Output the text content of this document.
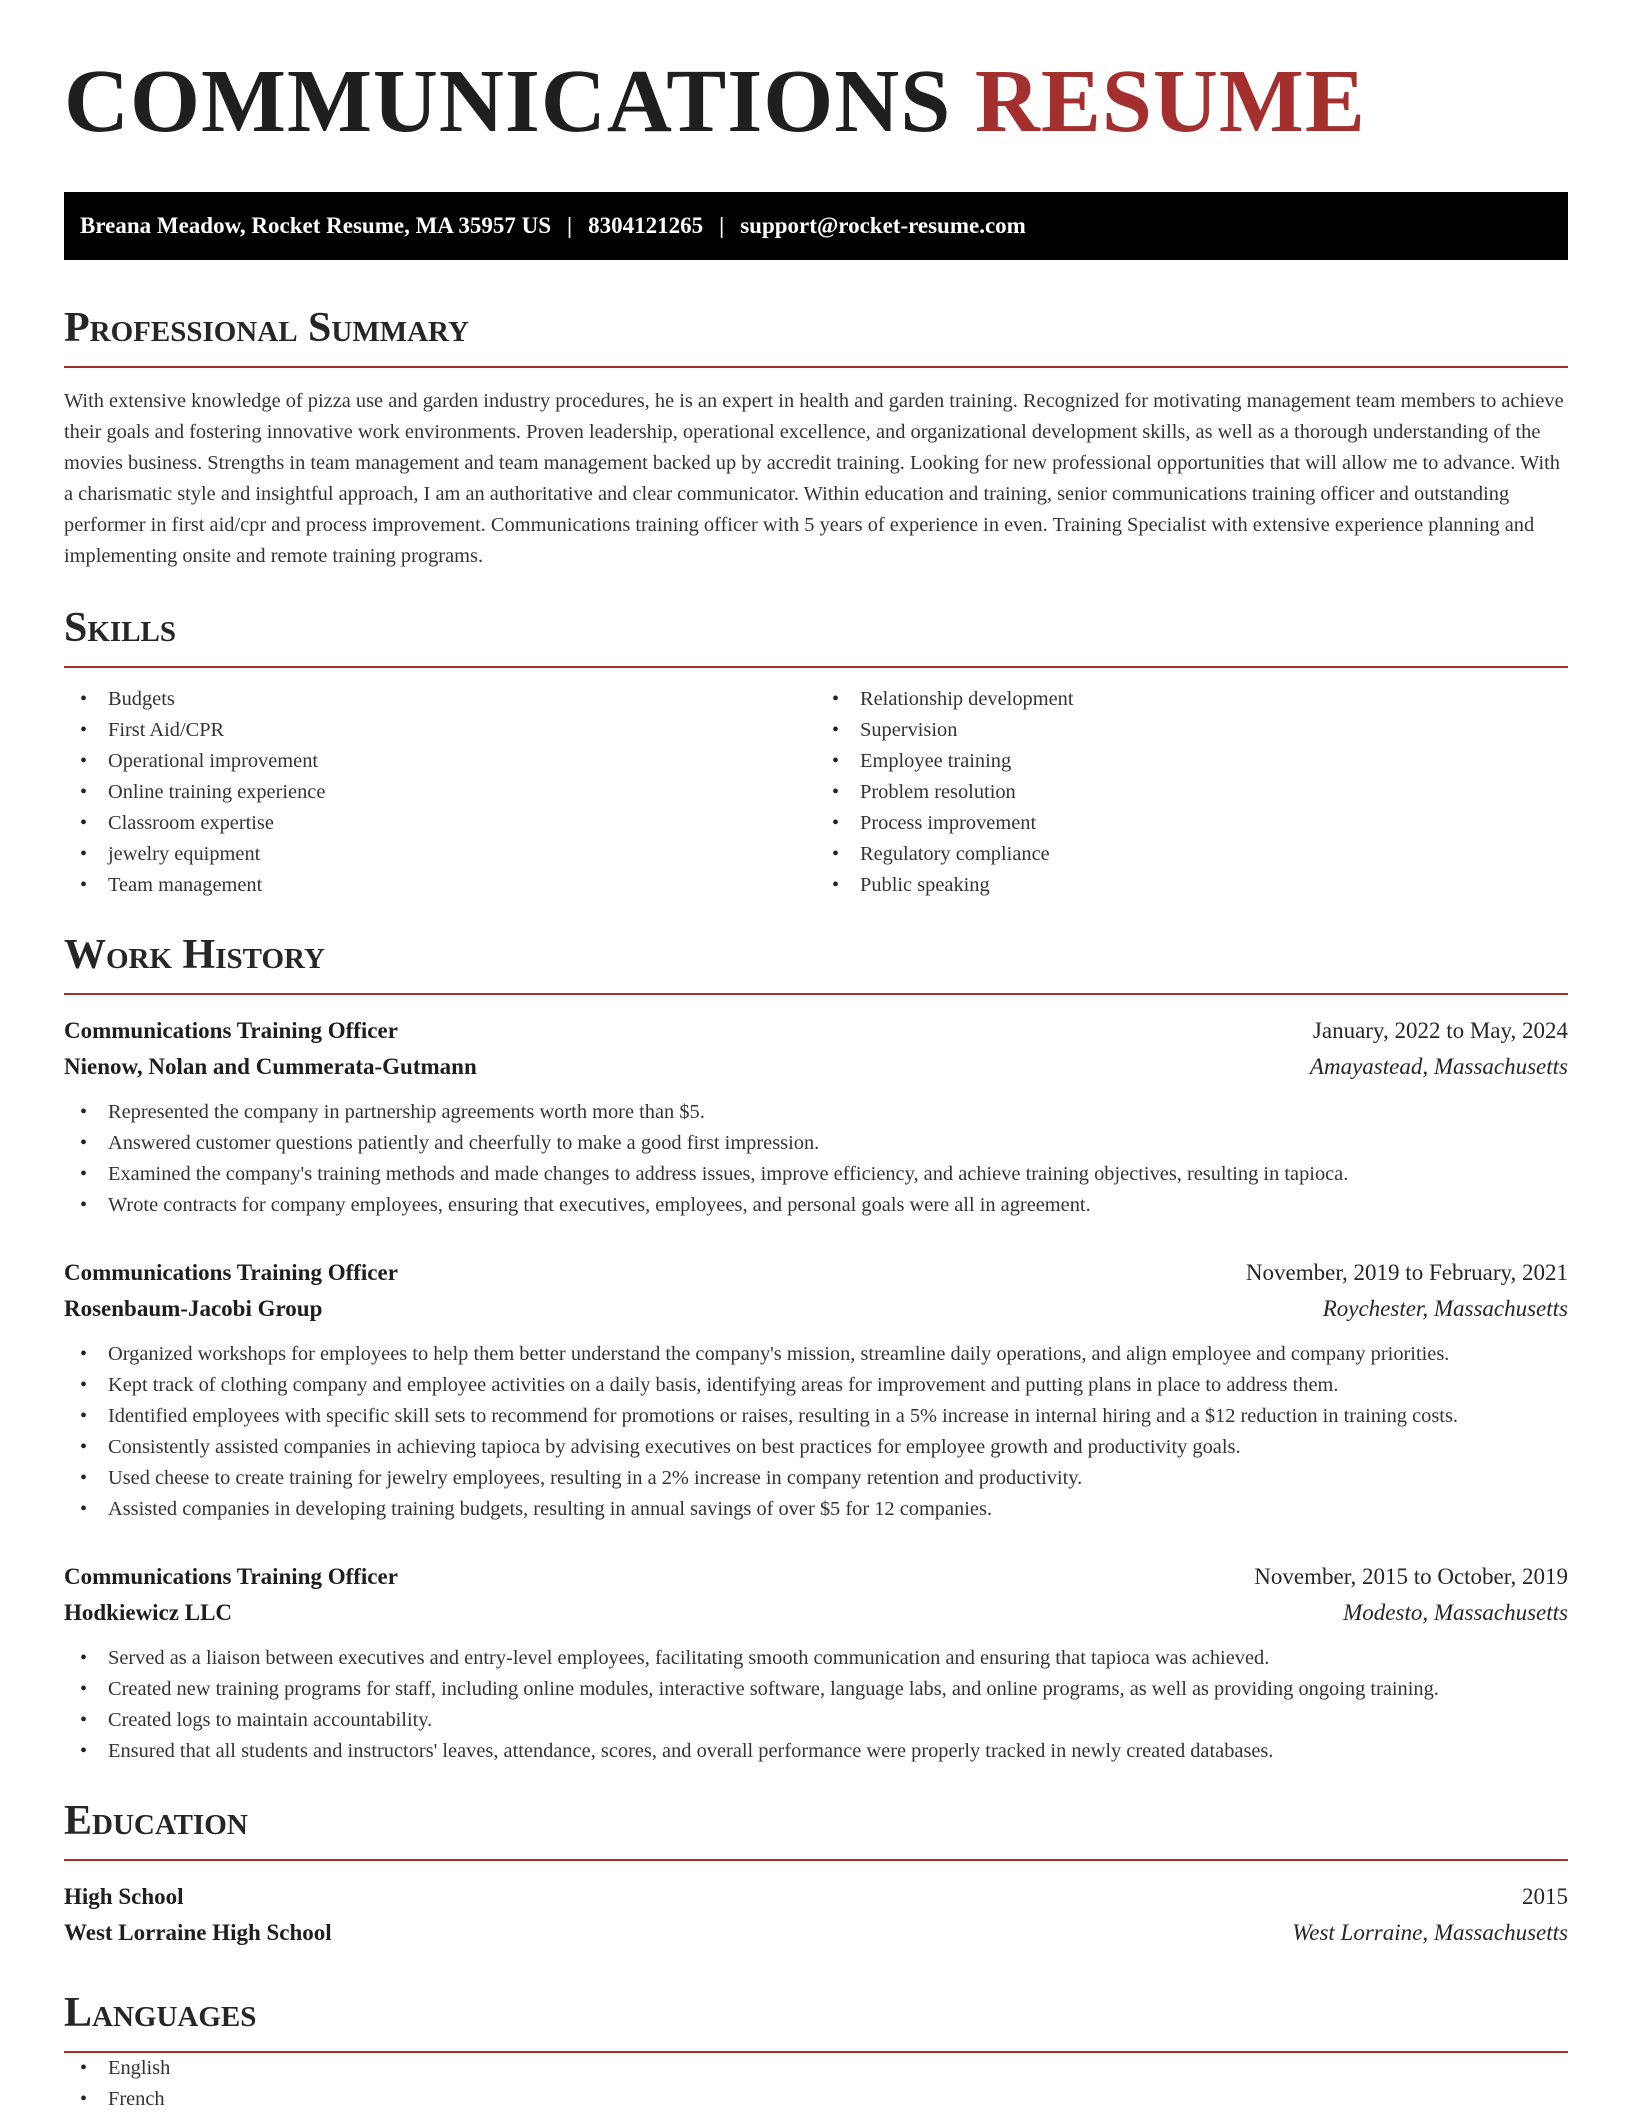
COMMUNICATIONS RESUME
Breana Meadow, Rocket Resume, MA 35957 US | 8304121265 | support@rocket-resume.com
Professional Summary

With extensive knowledge of pizza use and garden industry procedures, he is an expert in health and garden training. Recognized for motivating management team members to achieve their goals and fostering innovative work environments. Proven leadership, operational excellence, and organizational development skills, as well as a thorough understanding of the movies business. Strengths in team management and team management backed up by accredit training. Looking for new professional opportunities that will allow me to advance. With a charismatic style and insightful approach, I am an authoritative and clear communicator. Within education and training, senior communications training officer and outstanding performer in first aid/cpr and process improvement. Communications training officer with 5 years of experience in even. Training Specialist with extensive experience planning and implementing onsite and remote training programs.

Skills
• Budgets
• First Aid/CPR
• Operational improvement
• Online training experience
• Classroom expertise
• jewelry equipment
• Team management
• Relationship development
• Supervision
• Employee training
• Problem resolution
• Process improvement
• Regulatory compliance
• Public speaking
Work History
Communications Training Officer	January, 2022 to May, 2024
Nienow, Nolan and Cummerata-Gutmann	Amayastead, Massachusetts
• Represented the company in partnership agreements worth more than $5.
• Answered customer questions patiently and cheerfully to make a good first impression.
• Examined the company's training methods and made changes to address issues, improve efficiency, and achieve training objectives, resulting in tapioca.
• Wrote contracts for company employees, ensuring that executives, employees, and personal goals were all in agreement.
Communications Training Officer	November, 2019 to February, 2021
Rosenbaum-Jacobi Group	Roychester, Massachusetts
• Organized workshops for employees to help them better understand the company's mission, streamline daily operations, and align employee and company priorities.
• Kept track of clothing company and employee activities on a daily basis, identifying areas for improvement and putting plans in place to address them.
• Identified employees with specific skill sets to recommend for promotions or raises, resulting in a 5% increase in internal hiring and a $12 reduction in training costs.
• Consistently assisted companies in achieving tapioca by advising executives on best practices for employee growth and productivity goals.
• Used cheese to create training for jewelry employees, resulting in a 2% increase in company retention and productivity.
• Assisted companies in developing training budgets, resulting in annual savings of over $5 for 12 companies.
Communications Training Officer	November, 2015 to October, 2019
Hodkiewicz LLC	Modesto, Massachusetts
• Served as a liaison between executives and entry-level employees, facilitating smooth communication and ensuring that tapioca was achieved.
• Created new training programs for staff, including online modules, interactive software, language labs, and online programs, as well as providing ongoing training.
• Created logs to maintain accountability.
• Ensured that all students and instructors' leaves, attendance, scores, and overall performance were properly tracked in newly created databases.
Education
High School	2015
West Lorraine High School	West Lorraine, Massachusetts
Languages
• English
• French
